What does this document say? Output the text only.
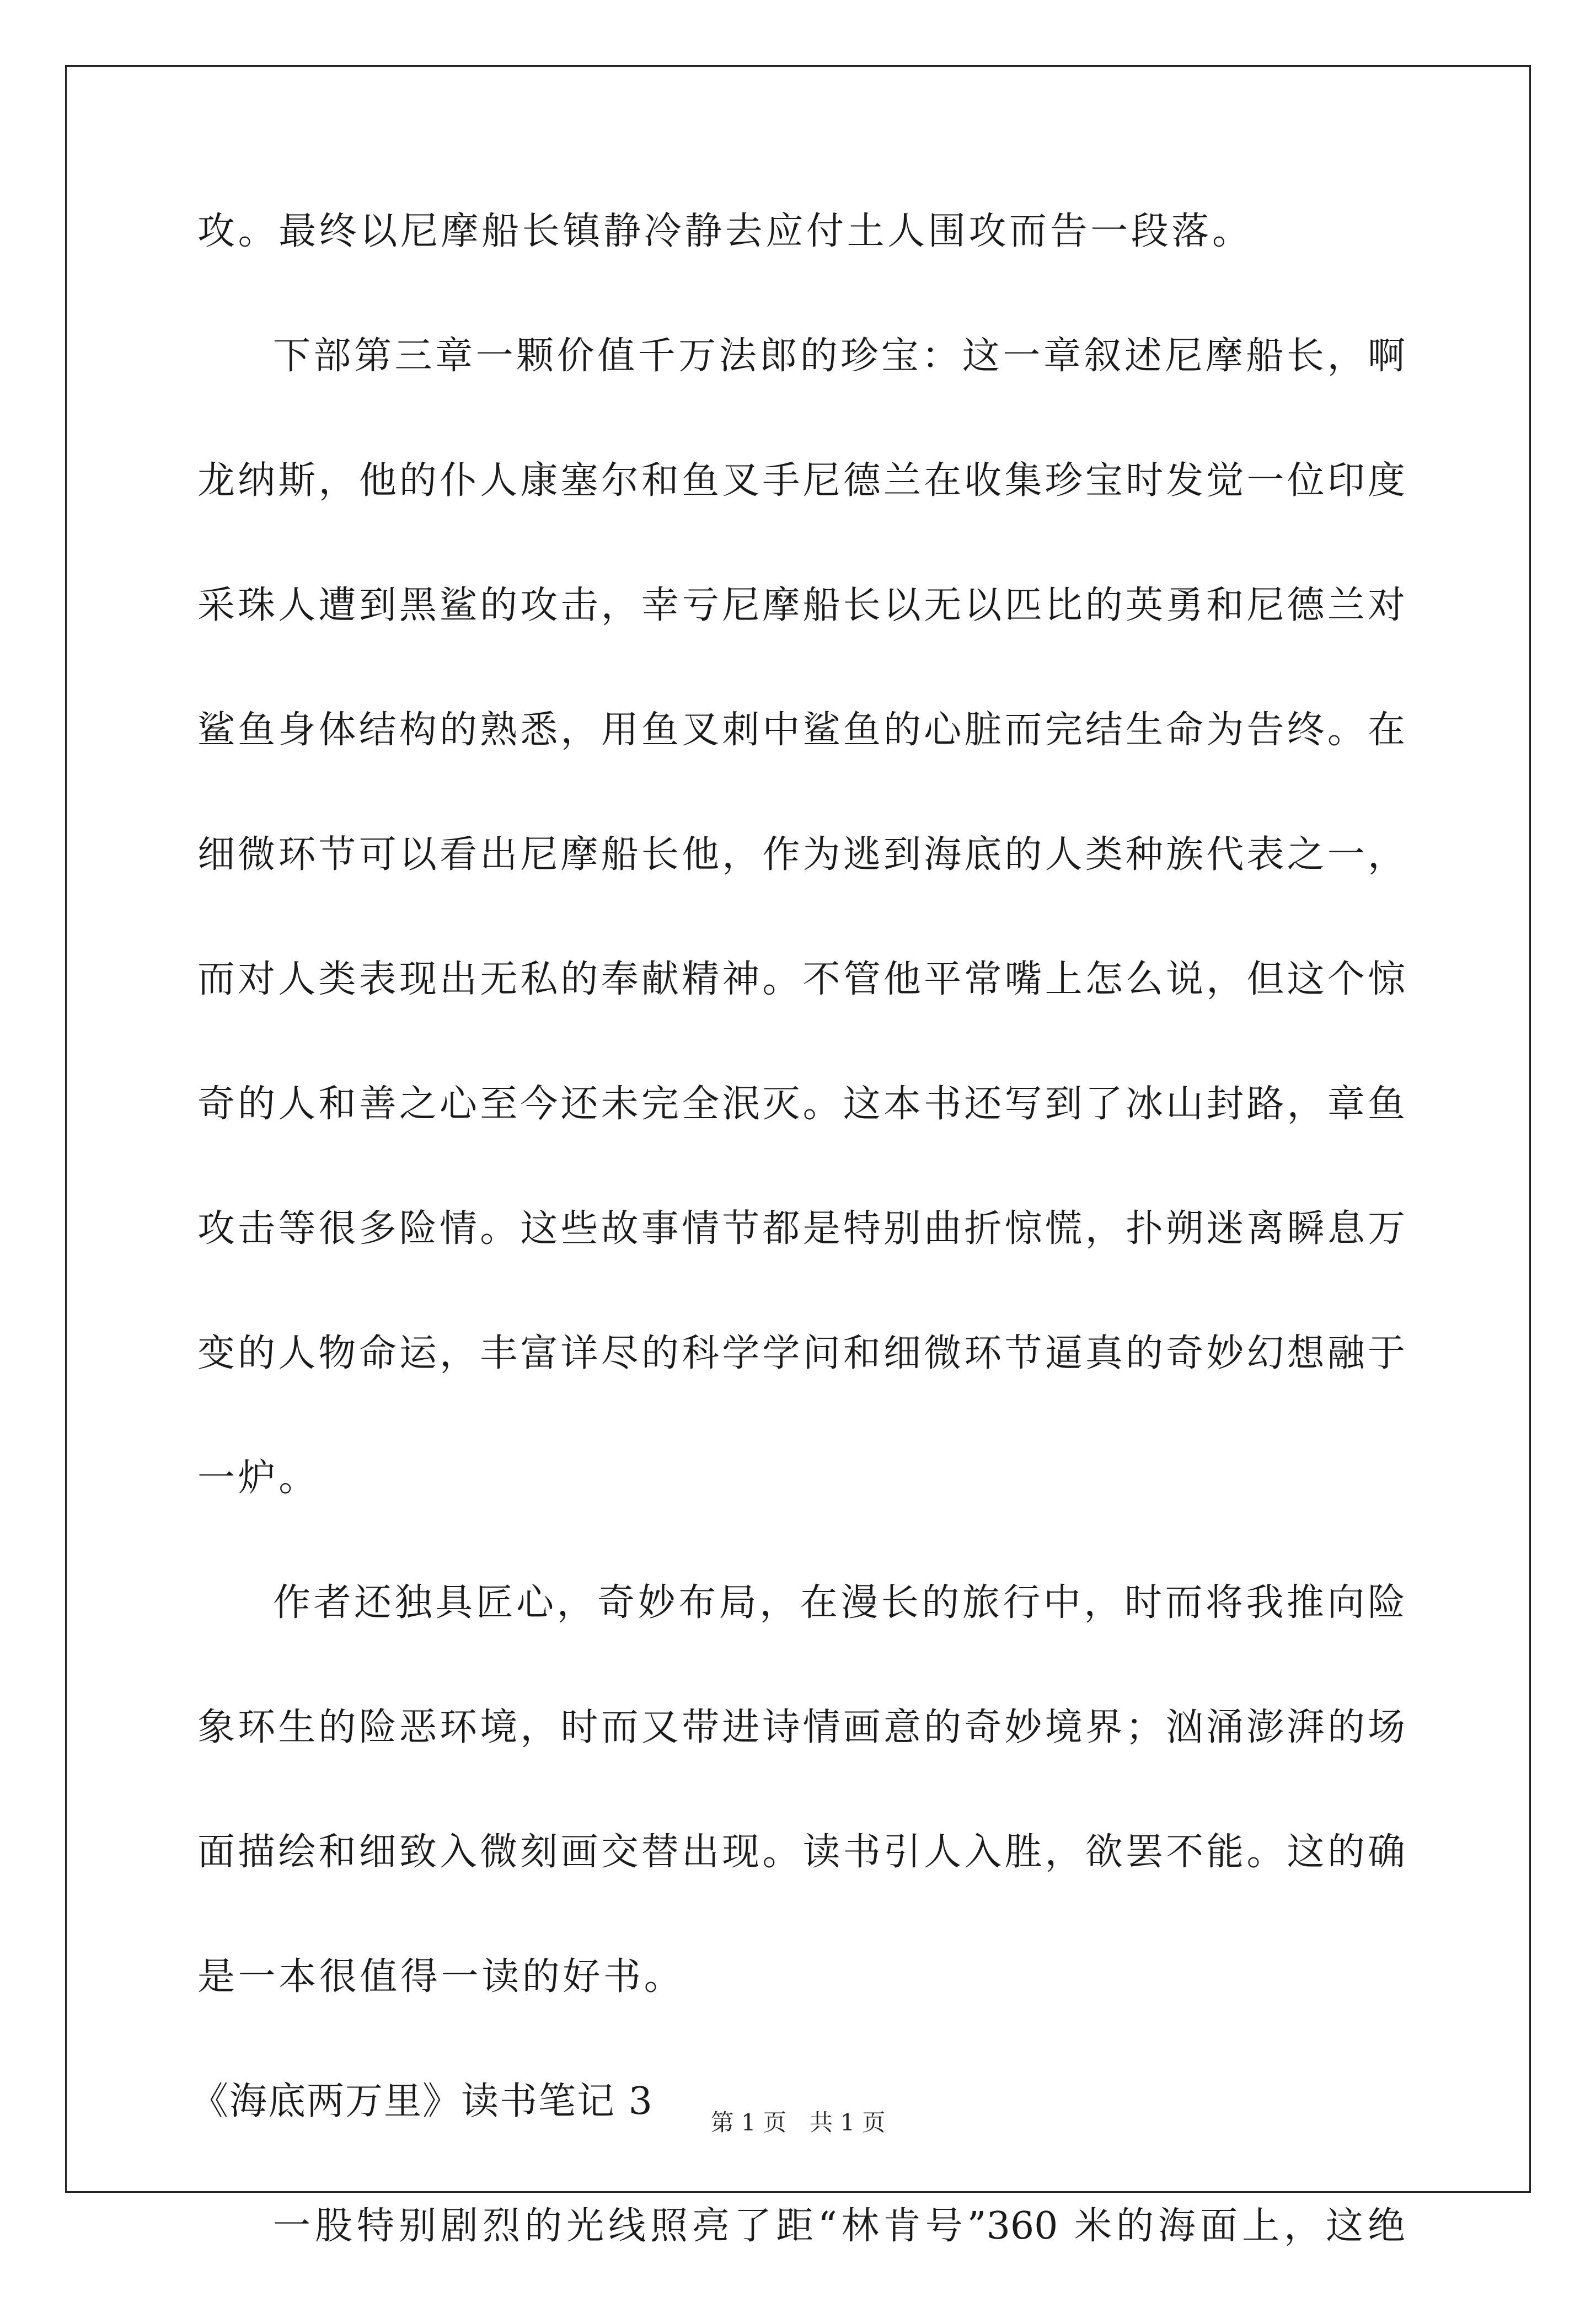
攻。最终以尼摩船长镇静冷静去应付土人围攻而告一段落。
下部第三章一颗价值千万法郎的珍宝：这一章叙述尼摩船长，啊
龙纳斯，他的仆人康塞尔和鱼叉手尼德兰在收集珍宝时发觉一位印度
采珠人遭到黑鲨的攻击，幸亏尼摩船长以无以匹比的英勇和尼德兰对
鲨鱼身体结构的熟悉，用鱼叉刺中鲨鱼的心脏而完结生命为告终。在
细微环节可以看出尼摩船长他，作为逃到海底的人类种族代表之一，
而对人类表现出无私的奉献精神。不管他平常嘴上怎么说，但这个惊
奇的人和善之心至今还未完全泯灭。这本书还写到了冰山封路，章鱼
攻击等很多险情。这些故事情节都是特别曲折惊慌，扑朔迷离瞬息万
变的人物命运，丰富详尽的科学学问和细微环节逼真的奇妙幻想融于
一炉。
作者还独具匠心，奇妙布局，在漫长的旅行中，时而将我推向险
象环生的险恶环境，时而又带进诗情画意的奇妙境界；汹涌澎湃的场
面描绘和细致入微刻画交替出现。读书引人入胜，欲罢不能。这的确
是一本很值得一读的好书。
《海底两万里》读书笔记 3
一股特别剧烈的光线照亮了距“林肯号”360 米的海面上，这绝
第 1 页　共 1 页
